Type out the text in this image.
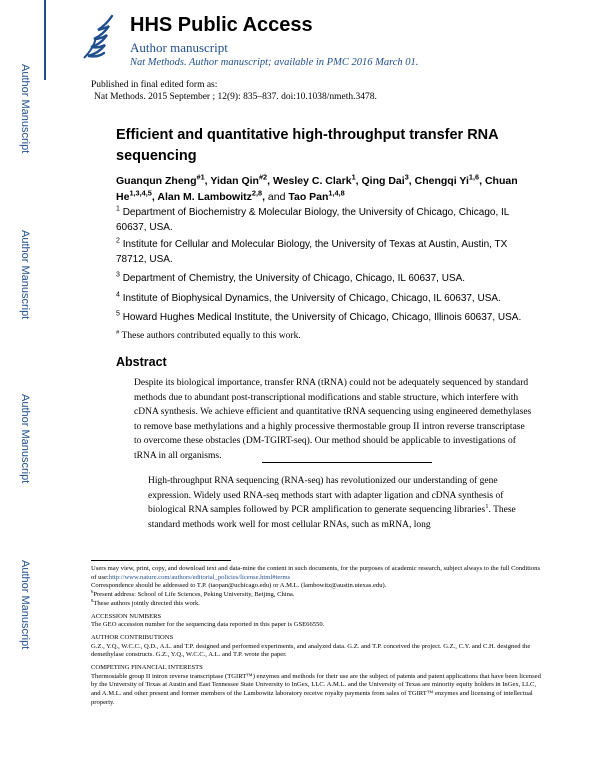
Author Manuscript
Author Manuscript
Author Manuscript
Author Manuscript
HHS Public Access
Author manuscript
Nat Methods. Author manuscript; available in PMC 2016 March 01.
Published in final edited form as:
Nat Methods. 2015 September ; 12(9): 835–837. doi:10.1038/nmeth.3478.
Efficient and quantitative high-throughput transfer RNA sequencing
Guanqun Zheng$^{\#1}$, Yidan Qin$^{\#2}$, Wesley C. Clark$^1$, Qing Dai$^3$, Chengqi Yi$^{1,6}$, Chuan He$^{1,3,4,5}$, Alan M. Lambowitz$^{2,8}$, and Tao Pan$^{1,4,8}$
$^1$ Department of Biochemistry & Molecular Biology, the University of Chicago, Chicago, IL 60637, USA.
$^2$ Institute for Cellular and Molecular Biology, the University of Texas at Austin, Austin, TX 78712, USA.
$^3$ Department of Chemistry, the University of Chicago, Chicago, IL 60637, USA.
$^4$ Institute of Biophysical Dynamics, the University of Chicago, Chicago, IL 60637, USA.
$^5$ Howard Hughes Medical Institute, the University of Chicago, Chicago, Illinois 60637, USA.
# These authors contributed equally to this work.
Abstract
Despite its biological importance, transfer RNA (tRNA) could not be adequately sequenced by standard methods due to abundant post-transcriptional modifications and stable structure, which interfere with cDNA synthesis. We achieve efficient and quantitative tRNA sequencing using engineered demethylases to remove base methylations and a highly processive thermostable group II intron reverse transcriptase to overcome these obstacles (DM-TGIRT-seq). Our method should be applicable to investigations of tRNA in all organisms.
High-throughput RNA sequencing (RNA-seq) has revolutionized our understanding of gene expression. Widely used RNA-seq methods start with adapter ligation and cDNA synthesis of biological RNA samples followed by PCR amplification to generate sequencing libraries$^1$. These standard methods work well for most cellular RNAs, such as mRNA, long
Users may view, print, copy, and download text and data-mine the content in such documents, for the purposes of academic research, subject always to the full Conditions of use:http://www.nature.com/authors/editorial_policies/license.html#terms
Correspondence should be addressed to T.P. (taopan@uchicago.edu) or A.M.L. (lambowitz@austin.utexas.edu).
$^6$Present address: School of Life Sciences, Peking University, Beijing, China.
$^8$These authors jointly directed this work.
ACCESSION NUMBERS
The GEO accession number for the sequencing data reported in this paper is GSE66550.
AUTHOR CONTRIBUTIONS
G.Z., Y.Q., W.C.C., Q.D., A.L. and T.P. designed and performed experiments, and analyzed data. G.Z. and T.P. conceived the project. G.Z., C.Y. and C.H. designed the demethylase constructs. G.Z., Y.Q., W.C.C., A.L. and T.P. wrote the paper.
COMPETING FINANCIAL INTERESTS
Thermostable group II intron reverse transcriptase (TGIRT™) enzymes and methods for their use are the subject of patents and patent applications that have been licensed by the University of Texas at Austin and East Tennessee State University to InGex, LLC. A.M.L. and the University of Texas are minority equity holders in InGex, LLC, and A.M.L. and other present and former members of the Lambowitz laboratory receive royalty payments from sales of TGIRT™ enzymes and licensing of intellectual property.
